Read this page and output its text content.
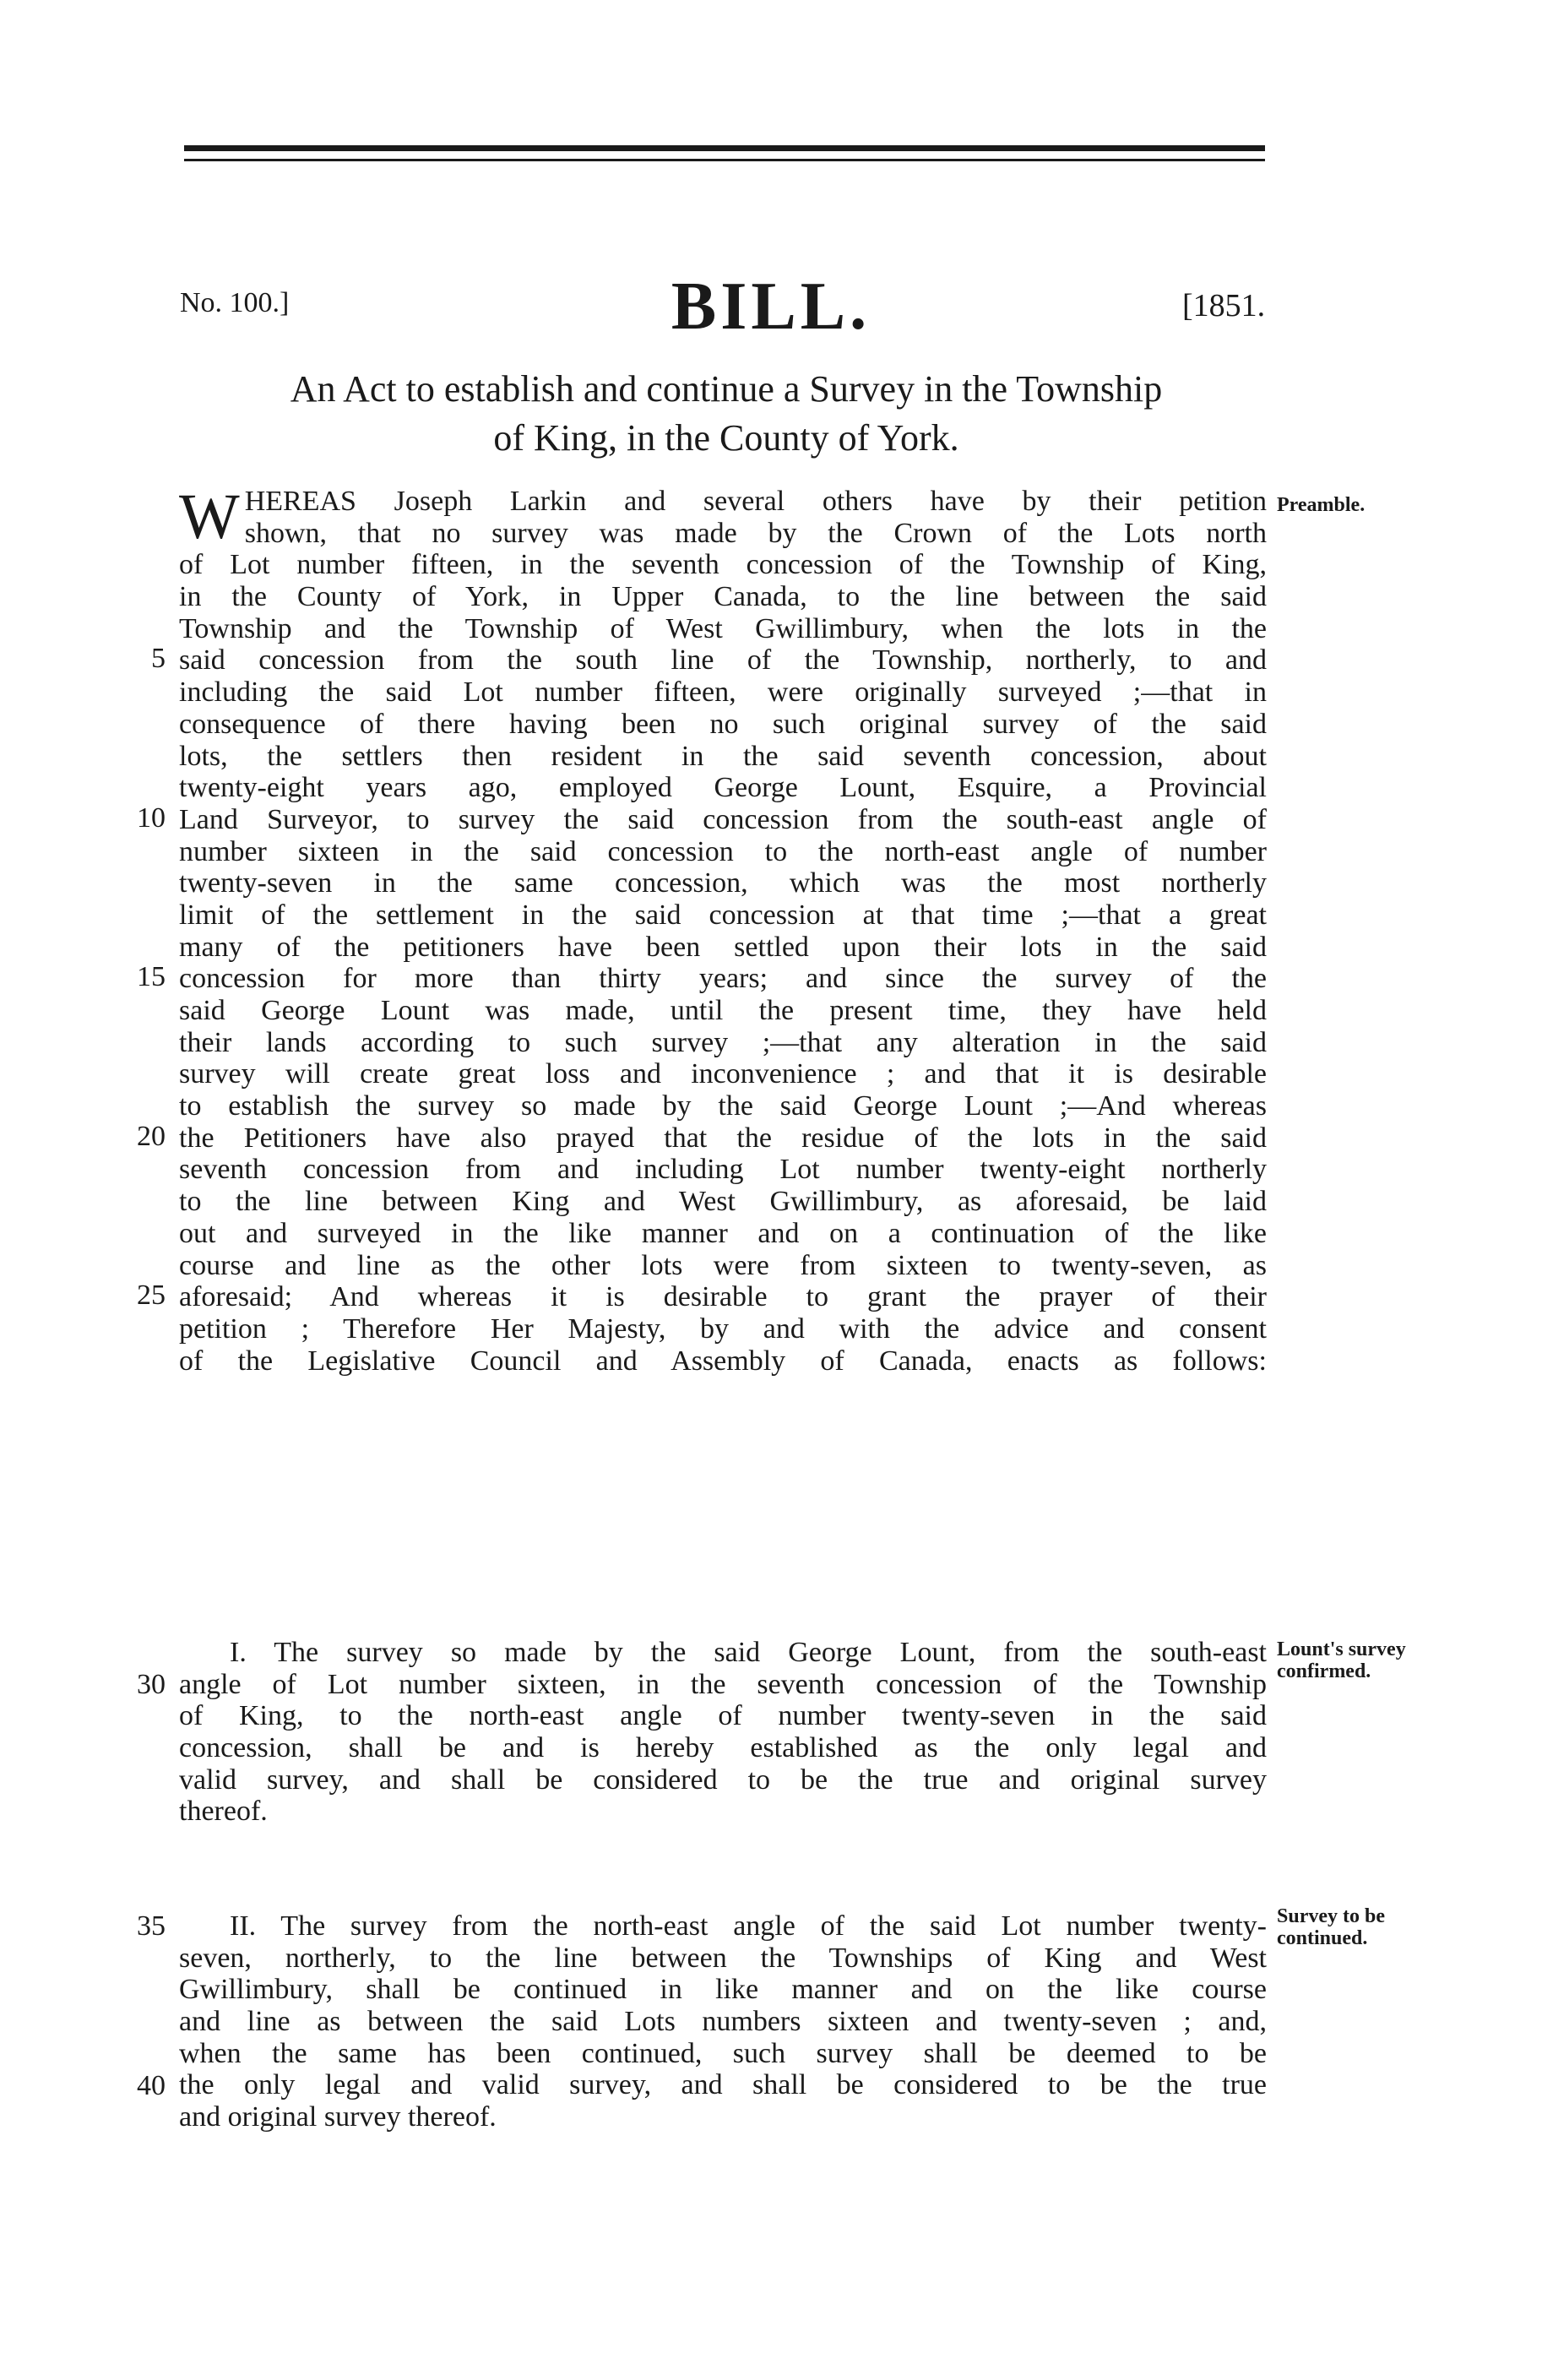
No. 100.]	BILL.	[1851.
An Act to establish and continue a Survey in the Township
of King, in the County of York.
W HEREAS Joseph Larkin and several others have by their petition
shown, that no survey was made by the Crown of the Lots north
of Lot number fifteen, in the seventh concession of the Township of King,
in the County of York, in Upper Canada, to the line between the said
Township and the Township of West Gwillimbury, when the lots in the
said concession from the south line of the Township, northerly, to and
including the said Lot number fifteen, were originally surveyed ;—that in
consequence of there having been no such original survey of the said
lots, the settlers then resident in the said seventh concession, about
twenty-eight years ago, employed George Lount, Esquire, a Provincial
Land Surveyor, to survey the said concession from the south-east angle of
number sixteen in the said concession to the north-east angle of number
twenty-seven in the same concession, which was the most northerly
limit of the settlement in the said concession at that time ;—that a great
many of the petitioners have been settled upon their lots in the said
concession for more than thirty years; and since the survey of the
said George Lount was made, until the present time, they have held
their lands according to such survey ;—that any alteration in the said
survey will create great loss and inconvenience ; and that it is desirable
to establish the survey so made by the said George Lount ;—And whereas
the Petitioners have also prayed that the residue of the lots in the said
seventh concession from and including Lot number twenty-eight northerly
to the line between King and West Gwillimbury, as aforesaid, be laid
out and surveyed in the like manner and on a continuation of the like
course and line as the other lots were from sixteen to twenty-seven, as
aforesaid; And whereas it is desirable to grant the prayer of their
petition ; Therefore Her Majesty, by and with the advice and consent
of the Legislative Council and Assembly of Canada, enacts as follows:
Preamble.
I. The survey so made by the said George Lount, from the south-east
angle of Lot number sixteen, in the seventh concession of the Township
of King, to the north-east angle of number twenty-seven in the said
concession, shall be and is hereby established as the only legal and
valid survey, and shall be considered to be the true and original survey
thereof.
Lount's survey confirmed.
II. The survey from the north-east angle of the said Lot number twenty-
seven, northerly, to the line between the Townships of King and West
Gwillimbury, shall be continued in like manner and on the like course
and line as between the said Lots numbers sixteen and twenty-seven ; and,
when the same has been continued, such survey shall be deemed to be
the only legal and valid survey, and shall be considered to be the true
and original survey thereof.
Survey to be continued.
5
10
15
20
25
30
35
40
